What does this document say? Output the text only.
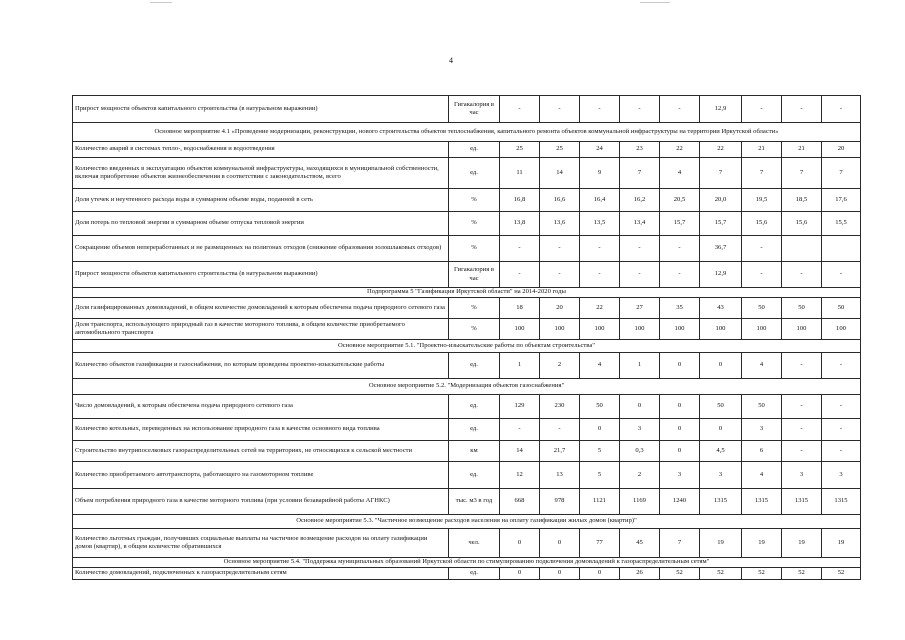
4
Прирост мощности объектов капитального строительства (в натуральном выражении)	Гигакалория в час	-	-	-	-	-	12,9	-	-	-
Основное мероприятие 4.1 «Проведение модернизации, реконструкции, нового строительства объектов теплоснабжения, капитального ремонта объектов коммунальной инфраструктуры на территории Иркутской области»										
Количество аварий в системах тепло-, водоснабжения и водоотведения	ед.	25	25	24	23	22	22	21	21	20
Количество введенных в эксплуатацию объектов коммунальной инфраструктуры, находящихся в муниципальной собственности, включая приобретение объектов жизнеобеспечения в соответствии с законодательством, всего	ед.	11	14	9	7	4	7	7	7	7
Доля утечек и неучтенного расхода воды в суммарном объеме воды, поданной в сеть	%	16,8	16,6	16,4	16,2	20,5	20,0	19,5	18,5	17,6
Доля потерь по тепловой энергии в суммарном объеме отпуска тепловой энергии	%	13,8	13,6	13,5	13,4	15,7	15,7	15,6	15,6	15,5
Сокращение объемов непереработанных и не размещенных на полигонах отходов (снижение образования золошлаковых отходов)	%	-	-	-	-	-	36,7	-		
Прирост мощности объектов капитального строительства (в натуральном выражении)	Гигакалория в час	-	-	-	-	-	12,9	-	-	-
Подпрограмма 5 "Газификация Иркутской области" на 2014-2020 годы										
Доля газифицированных домовладений, в общем количестве домовладений к которым обеспечена подача природного сетевого газа	%	18	20	22	27	35	43	50	50	50
Доля транспорта, использующего природный газ в качестве моторного топлива, в общем количестве приобретаемого автомобильного транспорта	%	100	100	100	100	100	100	100	100	100
Основное мероприятие 5.1. "Проектно-изыскательские работы по объектам строительства"										
Количество объектов газификации и газоснабжения, по которым проведены проектно-изыскательские работы	ед.	1	2	4	1	0	0	4	-	-
Основное мероприятие 5.2. "Модернизация объектов газоснабжения"										
Число домовладений, к которым обеспечена подача природного сетевого газа	ед.	129	230	50	0	0	50	50	-	-
Количество котельных, переведенных на использование природного газа в качестве основного вида топлива	ед.	-	-	0	3	0	0	3	-	-
Строительство внутрипоселковых газораспределительных сетей на территориях, не относящихся к сельской местности	км	14	21,7	5	0,3	0	4,5	6	-	-
Количество приобретаемого автотранспорта, работающего на газомоторном топливе	ед.	12	13	5	2	3	3	4	3	3
Объем потребления природного газа в качестве моторного топлива (при условии безаварийной работы АГНКС)	тыс. м3 в год	668	978	1121	1169	1240	1315	1315	1315	1315
Основное мероприятие 5.3. "Частичное возмещение расходов населения на оплату газификации жилых домов (квартир)"										
Количество льготных граждан, получивших социальные выплаты на частичное возмещение расходов на оплату газификации домов (квартир), в общем количестве обратившихся	чел.	0	0	77	45	7	19	19	19	19
Основное мероприятие 5.4. "Поддержка муниципальных образований Иркутской области по стимулированию подключения домовладений к газораспределительным сетям"										
Количество домовладений, подключенных к газораспределительным сетям	ед.	0	0	0	26	52	52	52	52	52
